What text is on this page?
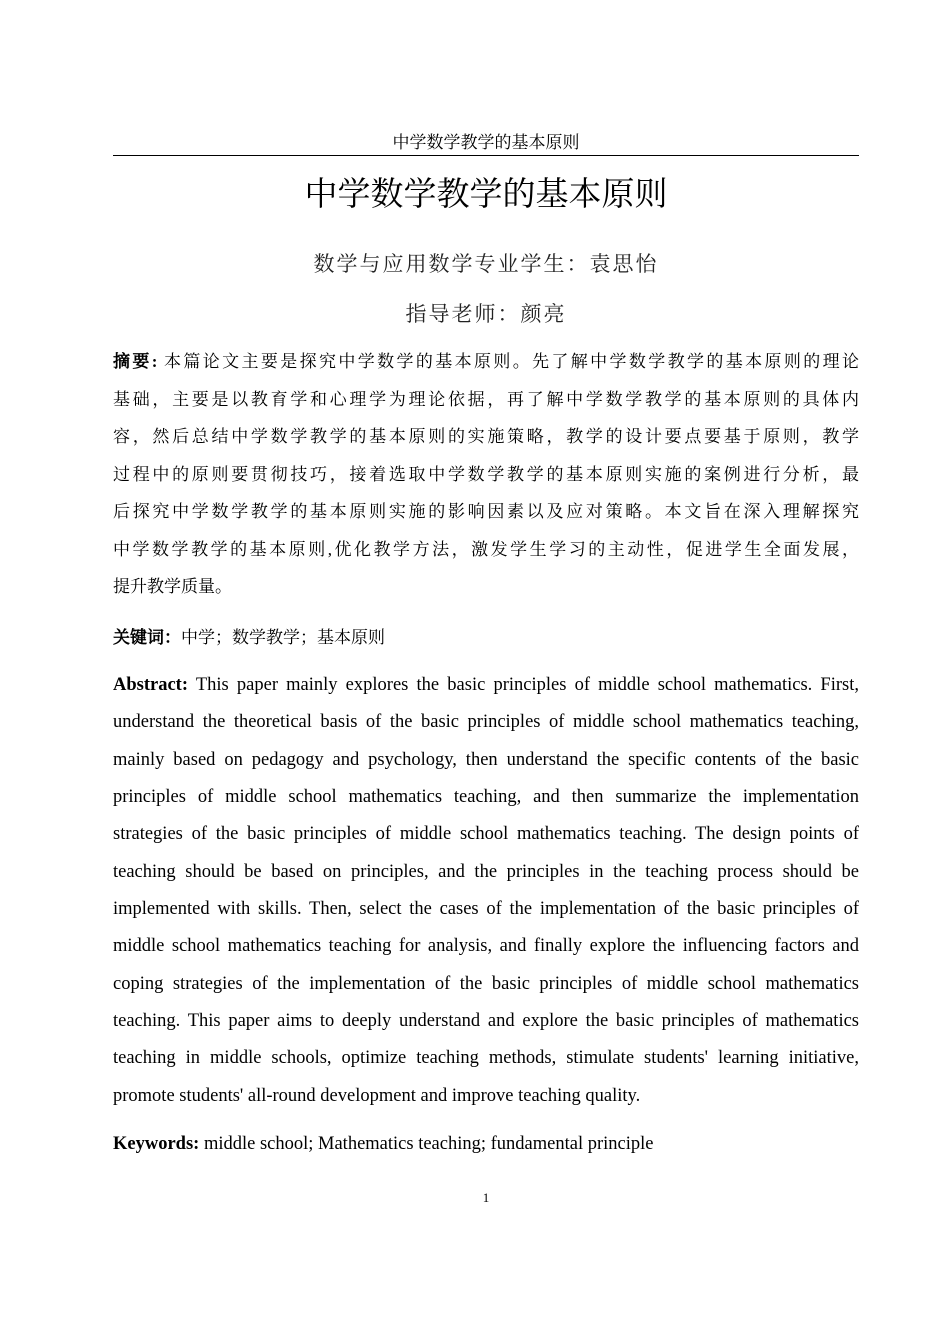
中学数学教学的基本原则
中学数学教学的基本原则
数学与应用数学专业学生：袁思怡
指导老师：颜亮
摘要: 本篇论文主要是探究中学数学的基本原则。先了解中学数学教学的基本原则的理论
基础，主要是以教育学和心理学为理论依据，再了解中学数学教学的基本原则的具体内
容，然后总结中学数学教学的基本原则的实施策略，教学的设计要点要基于原则，教学
过程中的原则要贯彻技巧，接着选取中学数学教学的基本原则实施的案例进行分析，最
后探究中学数学教学的基本原则实施的影响因素以及应对策略。本文旨在深入理解探究
中学数学教学的基本原则,优化教学方法，激发学生学习的主动性，促进学生全面发展，
提升教学质量。
关键词：中学；数学教学；基本原则
Abstract: This paper mainly explores the basic principles of middle school mathematics. First,
understand the theoretical basis of the basic principles of middle school mathematics teaching,
mainly based on pedagogy and psychology, then understand the specific contents of the basic
principles of middle school mathematics teaching, and then summarize the implementation
strategies of the basic principles of middle school mathematics teaching. The design points of
teaching should be based on principles, and the principles in the teaching process should be
implemented with skills. Then, select the cases of the implementation of the basic principles of
middle school mathematics teaching for analysis, and finally explore the influencing factors and
coping strategies of the implementation of the basic principles of middle school mathematics
teaching. This paper aims to deeply understand and explore the basic principles of mathematics
teaching in middle schools, optimize teaching methods, stimulate students' learning initiative,
promote students' all-round development and improve teaching quality.
Keywords: middle school; Mathematics teaching; fundamental principle
1
